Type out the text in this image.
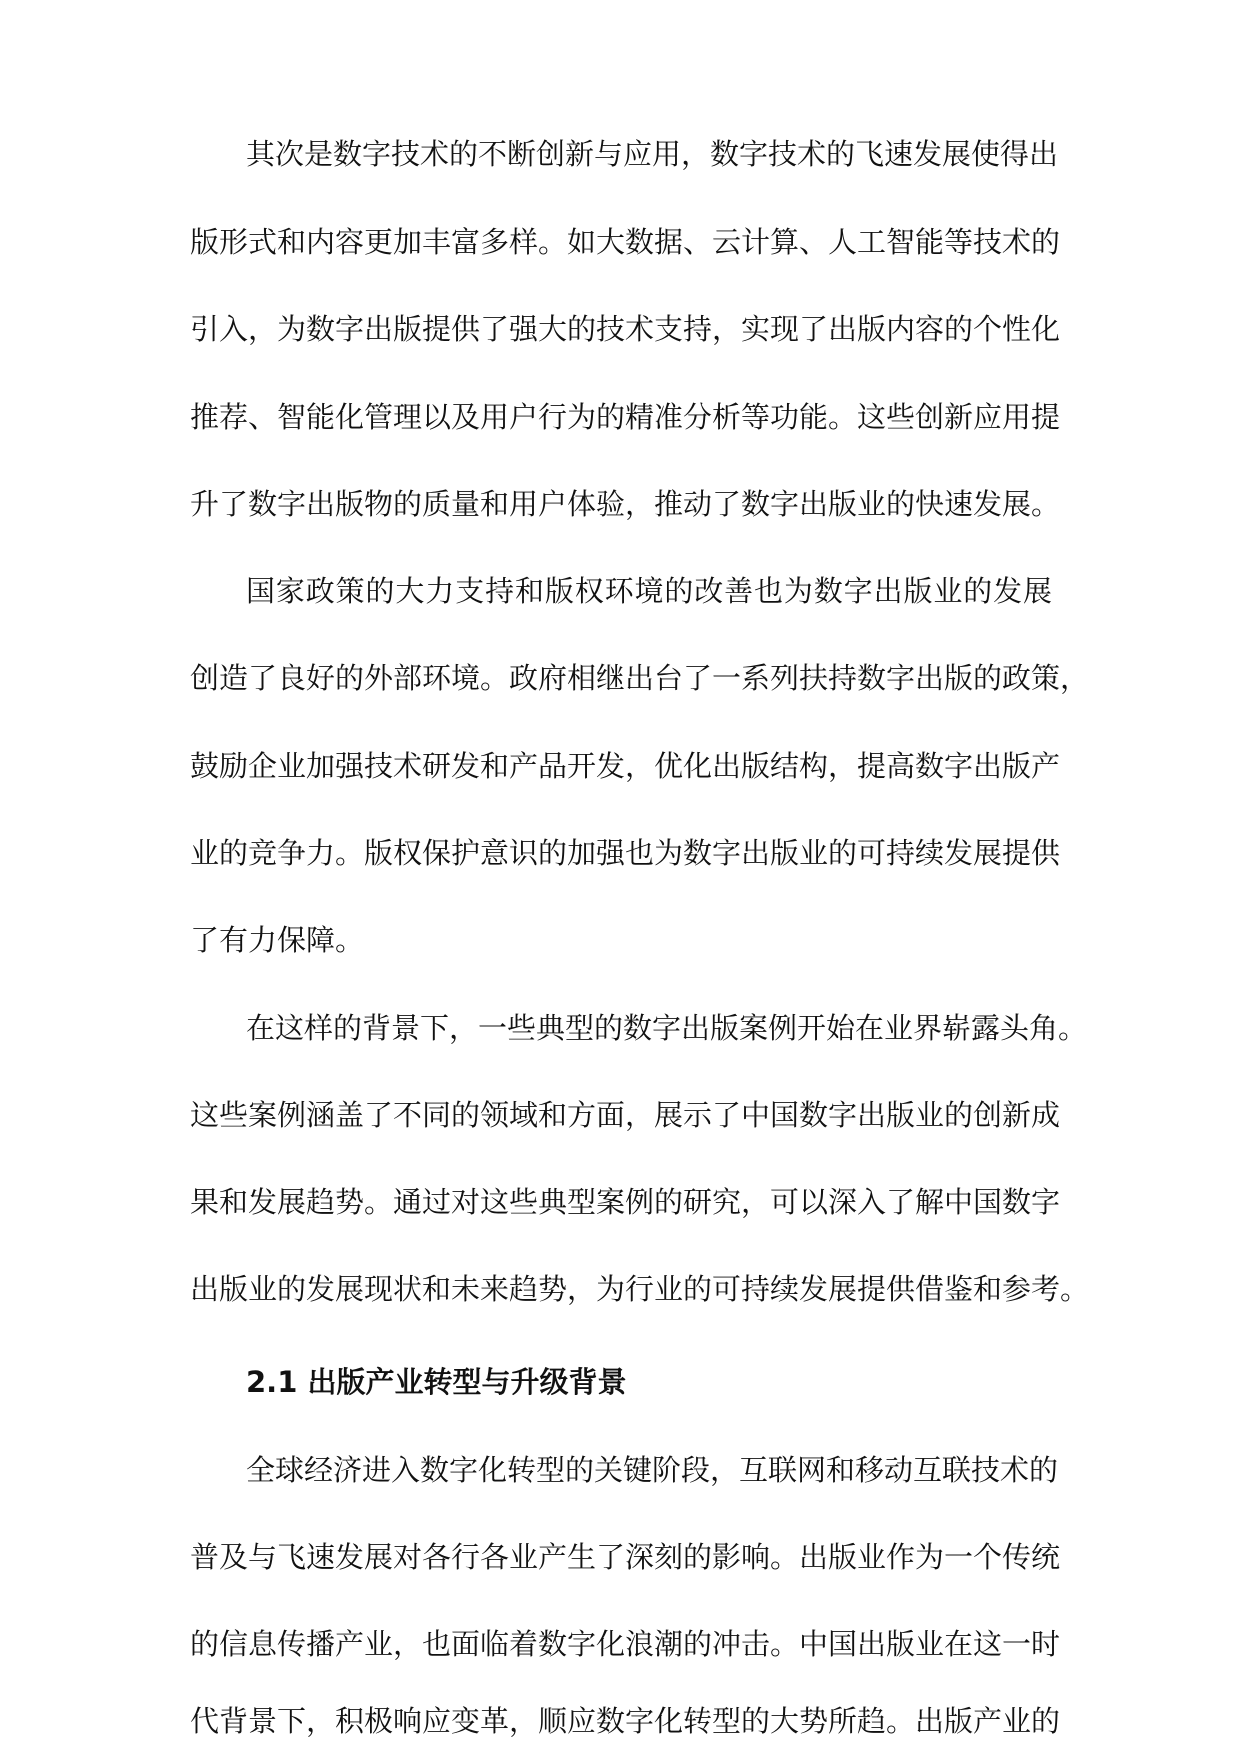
其次是数字技术的不断创新与应用，数字技术的飞速发展使得出
版形式和内容更加丰富多样。如大数据、云计算、人工智能等技术的
引入，为数字出版提供了强大的技术支持，实现了出版内容的个性化
推荐、智能化管理以及用户行为的精准分析等功能。这些创新应用提
升了数字出版物的质量和用户体验，推动了数字出版业的快速发展。
国家政策的大力支持和版权环境的改善也为数字出版业的发展
创造了良好的外部环境。政府相继出台了一系列扶持数字出版的政策，
鼓励企业加强技术研发和产品开发，优化出版结构，提高数字出版产
业的竞争力。版权保护意识的加强也为数字出版业的可持续发展提供
了有力保障。
在这样的背景下，一些典型的数字出版案例开始在业界崭露头角。
这些案例涵盖了不同的领域和方面，展示了中国数字出版业的创新成
果和发展趋势。通过对这些典型案例的研究，可以深入了解中国数字
出版业的发展现状和未来趋势，为行业的可持续发展提供借鉴和参考。
2.1 出版产业转型与升级背景
全球经济进入数字化转型的关键阶段，互联网和移动互联技术的
普及与飞速发展对各行各业产生了深刻的影响。出版业作为一个传统
的信息传播产业，也面临着数字化浪潮的冲击。中国出版业在这一时
代背景下，积极响应变革，顺应数字化转型的大势所趋。出版产业的
